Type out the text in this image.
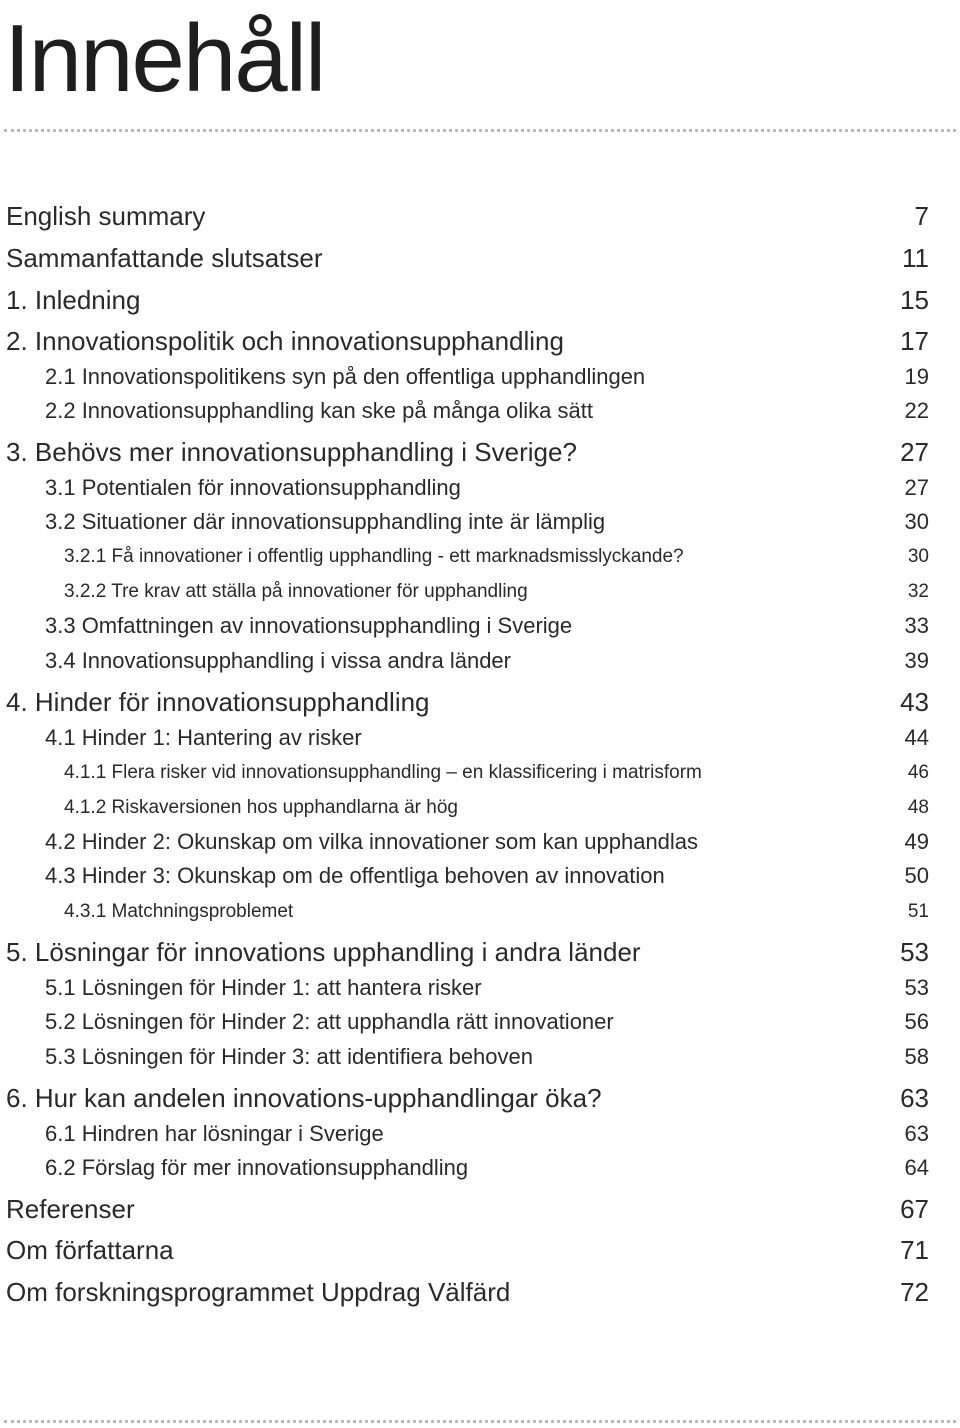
Innehåll
English summary	7
Sammanfattande slutsatser	11
1. Inledning	15
2. Innovationspolitik och innovationsupphandling	17
2.1 Innovationspolitikens syn på den offentliga upphandlingen	19
2.2 Innovationsupphandling kan ske på många olika sätt	22
3. Behövs mer innovationsupphandling i Sverige?	27
3.1 Potentialen för innovationsupphandling	27
3.2 Situationer där innovationsupphandling inte är lämplig	30
3.2.1 Få innovationer i offentlig upphandling - ett marknadsmisslyckande?	30
3.2.2 Tre krav att ställa på innovationer för upphandling	32
3.3 Omfattningen av innovationsupphandling i Sverige	33
3.4 Innovationsupphandling i vissa andra länder	39
4. Hinder för innovationsupphandling	43
4.1 Hinder 1: Hantering av risker	44
4.1.1 Flera risker vid innovationsupphandling – en klassificering i matrisform	46
4.1.2 Riskaversionen hos upphandlarna är hög	48
4.2 Hinder 2: Okunskap om vilka innovationer som kan upphandlas	49
4.3 Hinder 3: Okunskap om de offentliga behoven av innovation	50
4.3.1 Matchningsproblemet	51
5. Lösningar för innovations upphandling i andra länder	53
5.1 Lösningen för Hinder 1: att hantera risker	53
5.2 Lösningen för Hinder 2: att upphandla rätt innovationer	56
5.3 Lösningen för Hinder 3: att identifiera behoven	58
6. Hur kan andelen innovations-upphandlingar öka?	63
6.1 Hindren har lösningar i Sverige	63
6.2 Förslag för mer innovationsupphandling	64
Referenser	67
Om författarna	71
Om forskningsprogrammet Uppdrag Välfärd	72
